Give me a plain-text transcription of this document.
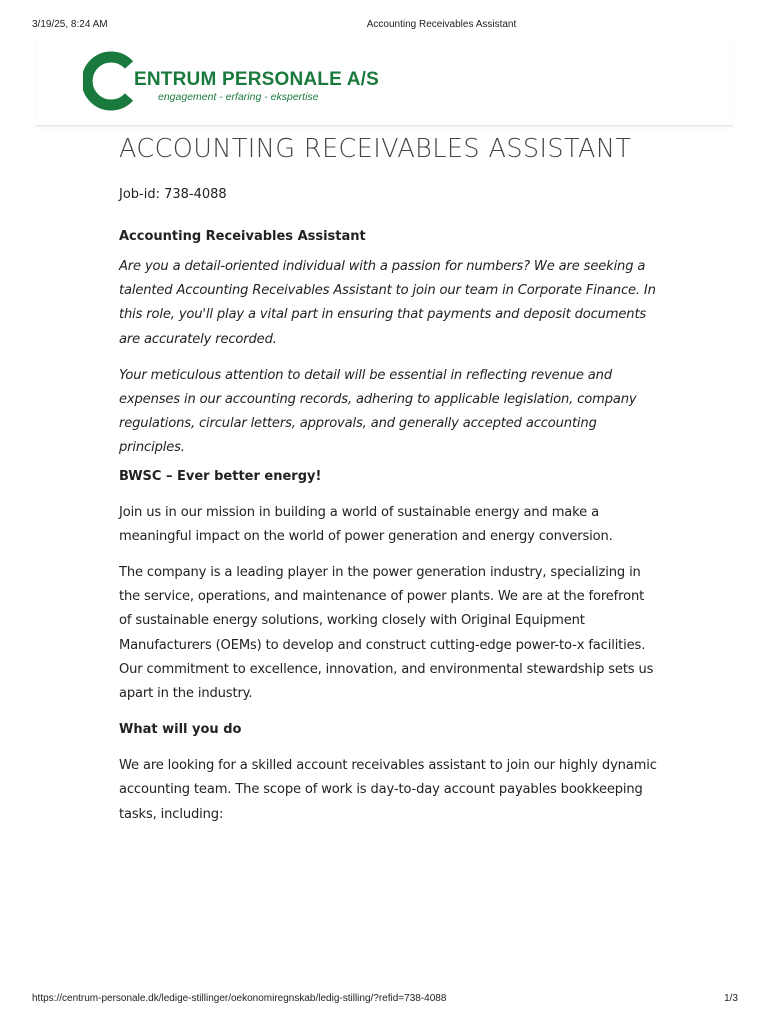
3/19/25, 8:24 AM	Accounting Receivables Assistant
ENTRUM PERSONALE A/S
engagement - erfaring - ekspertise
ACCOUNTING RECEIVABLES ASSISTANT
Job-id: 738-4088
Accounting Receivables Assistant

Are you a detail-oriented individual with a passion for numbers? We are seeking a talented Accounting Receivables Assistant to join our team in Corporate Finance. In this role, you'll play a vital part in ensuring that payments and deposit documents are accurately recorded.

Your meticulous attention to detail will be essential in reflecting revenue and expenses in our accounting records, adhering to applicable legislation, company regulations, circular letters, approvals, and generally accepted accounting principles.

BWSC – Ever better energy!

Join us in our mission in building a world of sustainable energy and make a meaningful impact on the world of power generation and energy conversion.

The company is a leading player in the power generation industry, specializing in the service, operations, and maintenance of power plants. We are at the forefront of sustainable energy solutions, working closely with Original Equipment Manufacturers (OEMs) to develop and construct cutting-edge power-to-x facilities. Our commitment to excellence, innovation, and environmental stewardship sets us apart in the industry.

What will you do

We are looking for a skilled account receivables assistant to join our highly dynamic accounting team. The scope of work is day-to-day account payables bookkeeping tasks, including:

https://centrum-personale.dk/ledige-stillinger/oekonomiregnskab/ledig-stilling/?refid=738-4088	1/3
